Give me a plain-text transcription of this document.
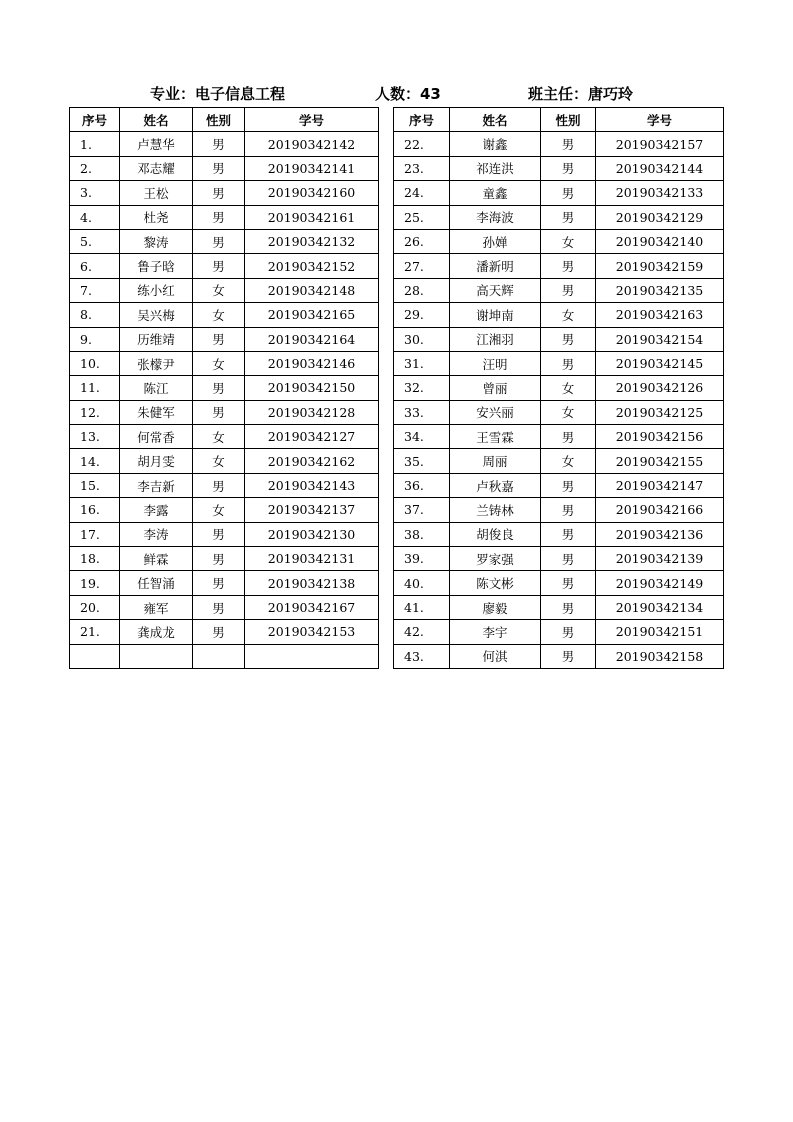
专业：电子信息工程	人数：43	班主任：唐巧玲
序号	姓名	性别	学号
1.	卢慧华	男	20190342142
2.	邓志耀	男	20190342141
3.	王松	男	20190342160
4.	杜尧	男	20190342161
5.	黎涛	男	20190342132
6.	鲁子晗	男	20190342152
7.	练小红	女	20190342148
8.	吴兴梅	女	20190342165
9.	历维靖	男	20190342164
10.	张檬尹	女	20190342146
11.	陈江	男	20190342150
12.	朱健军	男	20190342128
13.	何常香	女	20190342127
14.	胡月雯	女	20190342162
15.	李吉新	男	20190342143
16.	李露	女	20190342137
17.	李涛	男	20190342130
18.	鲜霖	男	20190342131
19.	任智涌	男	20190342138
20.	雍军	男	20190342167
21.	龚成龙	男	20190342153

序号	姓名	性别	学号
22.	谢鑫	男	20190342157
23.	祁连洪	男	20190342144
24.	童鑫	男	20190342133
25.	李海波	男	20190342129
26.	孙婵	女	20190342140
27.	潘新明	男	20190342159
28.	高天辉	男	20190342135
29.	谢坤南	女	20190342163
30.	江湘羽	男	20190342154
31.	汪明	男	20190342145
32.	曾丽	女	20190342126
33.	安兴丽	女	20190342125
34.	王雪霖	男	20190342156
35.	周丽	女	20190342155
36.	卢秋嘉	男	20190342147
37.	兰铸林	男	20190342166
38.	胡俊良	男	20190342136
39.	罗家强	男	20190342139
40.	陈文彬	男	20190342149
41.	廖毅	男	20190342134
42.	李宇	男	20190342151
43.	何淇	男	20190342158
